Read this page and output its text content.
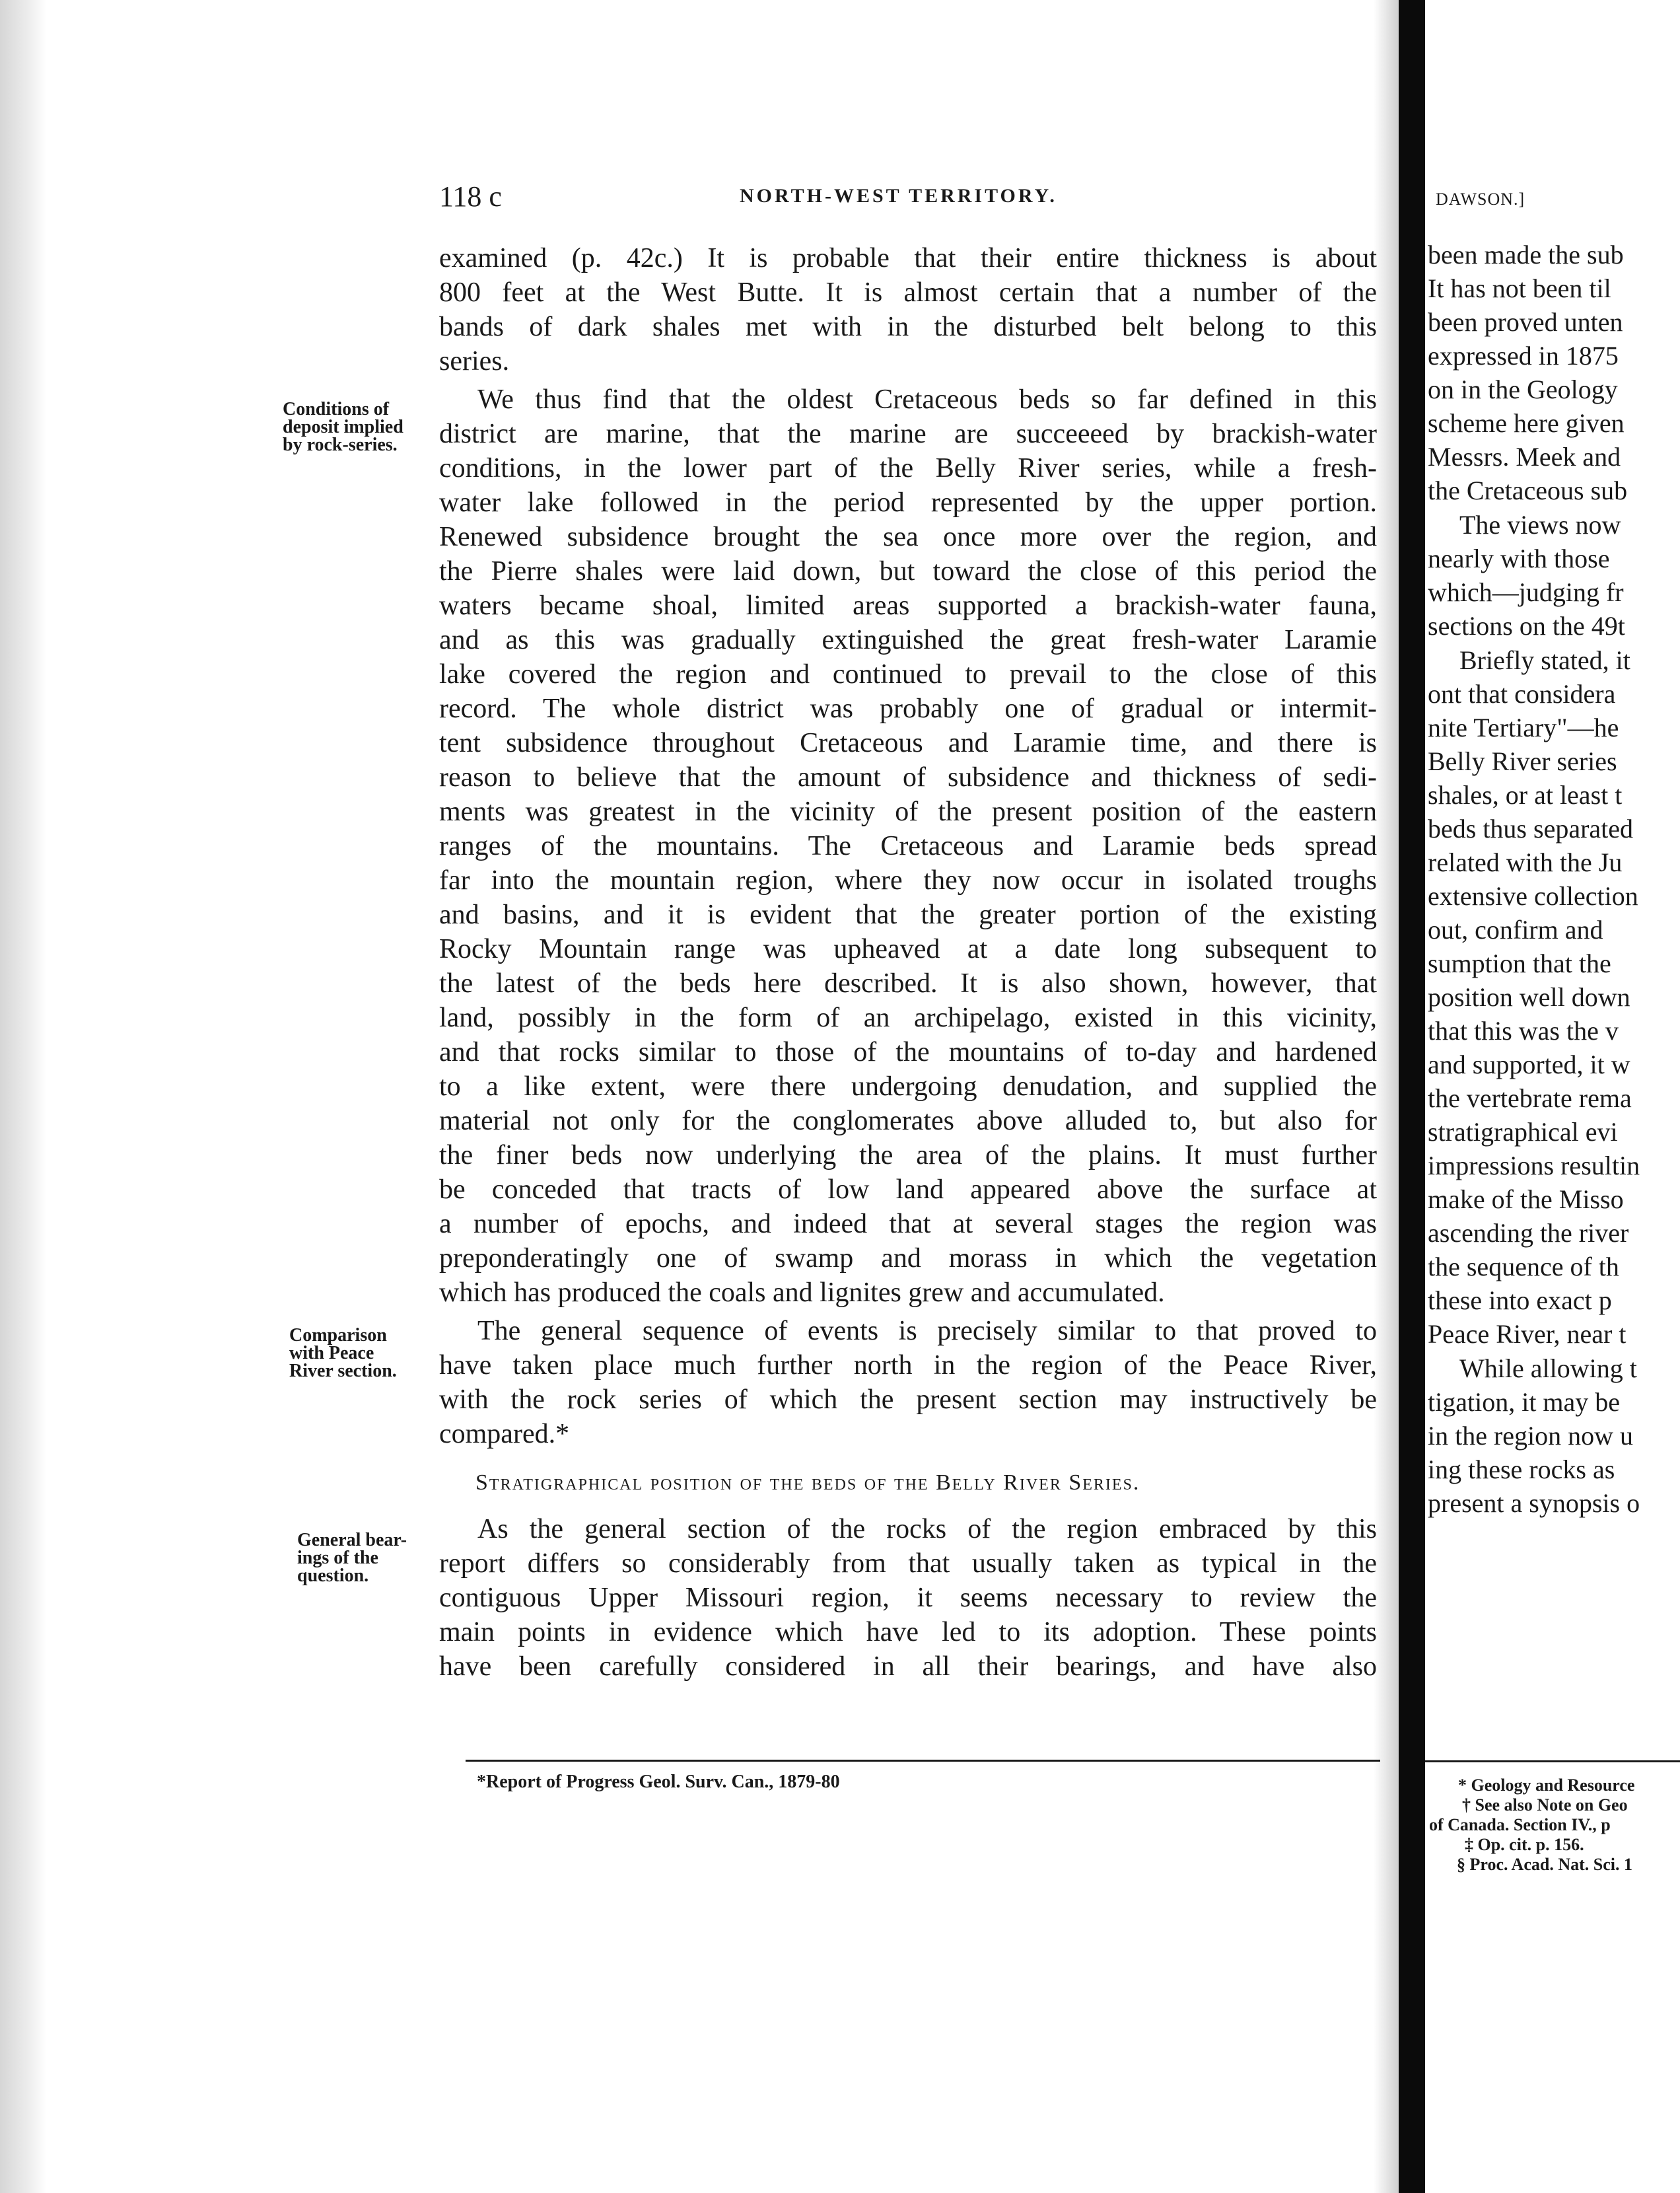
118 c	NORTH-WEST TERRITORY.
examined (p. 42c.) It is probable that their entire thickness is about
800 feet at the West Butte. It is almost certain that a number of the
bands of dark shales met with in the disturbed belt belong to this
series.
We thus find that the oldest Cretaceous beds so far defined in this
district are marine, that the marine are succeeeed by brackish-water
conditions, in the lower part of the Belly River series, while a fresh-
water lake followed in the period represented by the upper portion.
Renewed subsidence brought the sea once more over the region, and
the Pierre shales were laid down, but toward the close of this period the
waters became shoal, limited areas supported a brackish-water fauna,
and as this was gradually extinguished the great fresh-water Laramie
lake covered the region and continued to prevail to the close of this
record. The whole district was probably one of gradual or intermit-
tent subsidence throughout Cretaceous and Laramie time, and there is
reason to believe that the amount of subsidence and thickness of sedi-
ments was greatest in the vicinity of the present position of the eastern
ranges of the mountains. The Cretaceous and Laramie beds spread
far into the mountain region, where they now occur in isolated troughs
and basins, and it is evident that the greater portion of the existing
Rocky Mountain range was upheaved at a date long subsequent to
the latest of the beds here described. It is also shown, however, that
land, possibly in the form of an archipelago, existed in this vicinity,
and that rocks similar to those of the mountains of to-day and hardened
to a like extent, were there undergoing denudation, and supplied the
material not only for the conglomerates above alluded to, but also for
the finer beds now underlying the area of the plains. It must further
be conceded that tracts of low land appeared above the surface at
a number of epochs, and indeed that at several stages the region was
preponderatingly one of swamp and morass in which the vegetation
which has produced the coals and lignites grew and accumulated.
The general sequence of events is precisely similar to that proved to
have taken place much further north in the region of the Peace River,
with the rock series of which the present section may instructively be
compared.*
Stratigraphical position of the beds of the Belly River Series.
As the general section of the rocks of the region embraced by this
report differs so considerably from that usually taken as typical in the
contiguous Upper Missouri region, it seems necessary to review the
main points in evidence which have led to its adoption. These points
have been carefully considered in all their bearings, and have also
Conditions of
deposit implied
by rock-series.
Comparison
with Peace
River section.
General bear-
ings of the
question.
*Report of Progress Geol. Surv. Can., 1879-80
DAWSON.]
been made the sub
It has not been til
been proved unten
expressed in 1875
on in the Geology
scheme here given
Messrs. Meek and
the Cretaceous sub
The views now
nearly with those
which—judging fr
sections on the 49t
Briefly stated, it
ont that considera
nite Tertiary"—he
Belly River series
shales, or at least t
beds thus separated
related with the Ju
extensive collection
out, confirm and
sumption that the
position well down
that this was the v
and supported, it w
the vertebrate rema
stratigraphical evi
impressions resultin
make of the Misso
ascending the river
the sequence of th
these into exact p
Peace River, near t
While allowing t
tigation, it may be
in the region now u
ing these rocks as
present a synopsis o
* Geology and Resource
† See also Note on Geo
of Canada. Section IV., p
‡ Op. cit. p. 156.
§ Proc. Acad. Nat. Sci. 1
